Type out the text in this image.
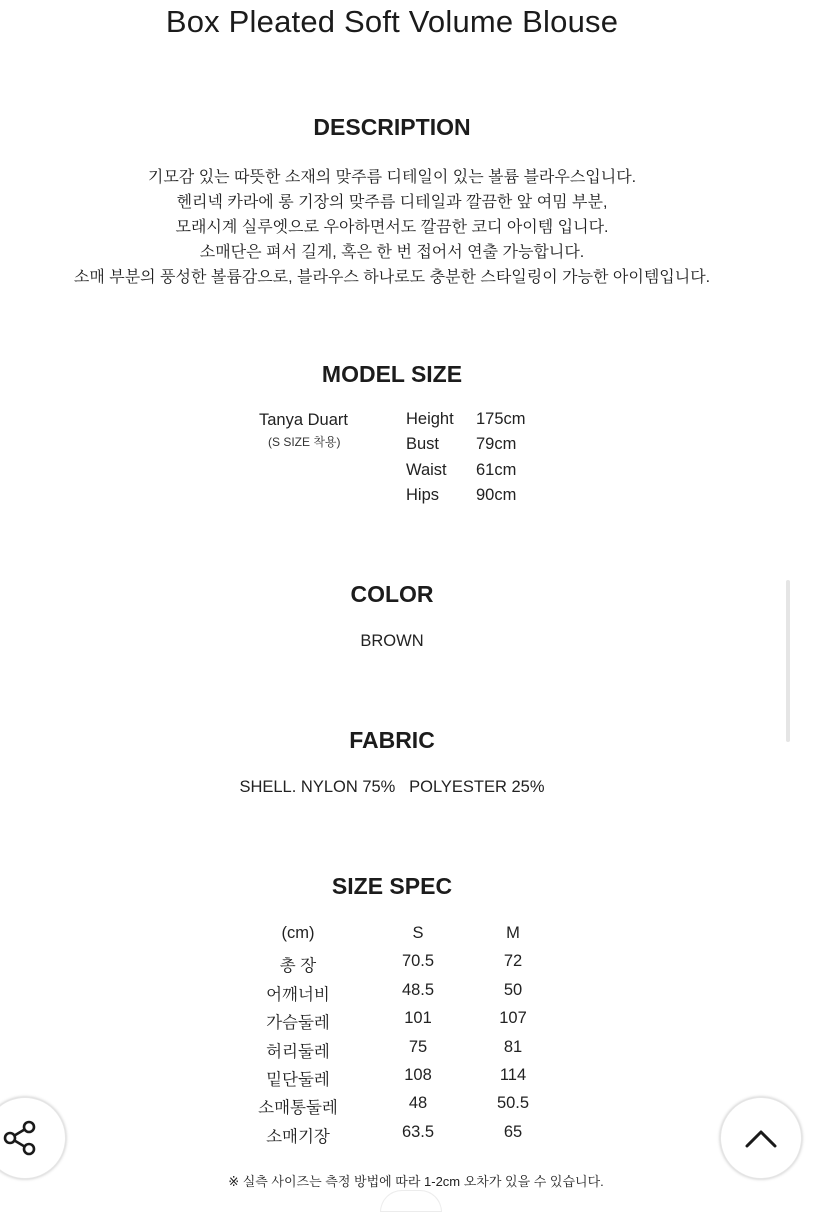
Box Pleated Soft Volume Blouse
DESCRIPTION
기모감 있는 따뜻한 소재의 맞주름 디테일이 있는 볼륨 블라우스입니다.
헨리넥 카라에 롱 기장의 맞주름 디테일과 깔끔한 앞 여밈 부분,
모래시계 실루엣으로 우아하면서도 깔끔한 코디 아이템 입니다.
소매단은 펴서 길게, 혹은 한 번 접어서 연출 가능합니다.
소매 부분의 풍성한 볼륨감으로, 블라우스 하나로도 충분한 스타일링이 가능한 아이템입니다.
MODEL SIZE
Tanya Duart
(S SIZE 착용)
Height 175cm
Bust 79cm
Waist 61cm
Hips 90cm
COLOR
BROWN
FABRIC
SHELL. NYLON 75%   POLYESTER 25%
SIZE SPEC
(cm)	S	M
총 장	70.5	72
어깨너비	48.5	50
가슴둘레	101	107
허리둘레	75	81
밑단둘레	108	114
소매통둘레	48	50.5
소매기장	63.5	65
※ 실측 사이즈는 측정 방법에 따라 1-2cm 오차가 있을 수 있습니다.
